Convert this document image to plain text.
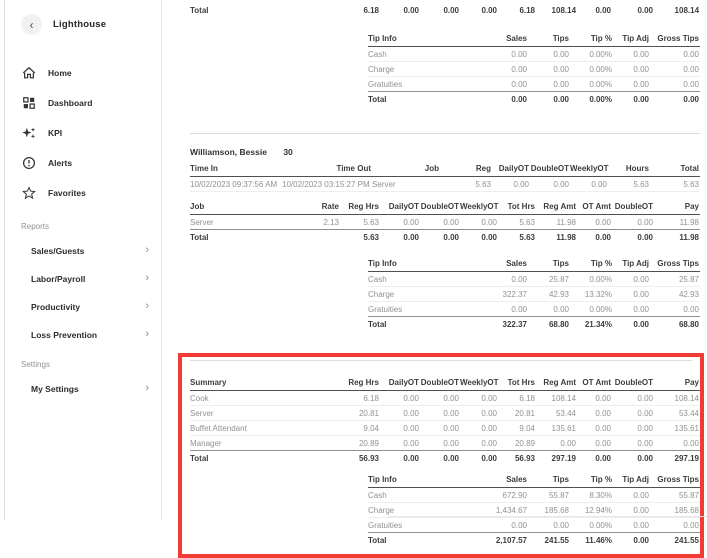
‹ Lighthouse
Home
Dashboard
KPI
Alerts
Favorites
Reports
Sales/Guests	›
Labor/Payroll	›
Productivity	›
Loss Prevention	›
Settings
My Settings	›
Total	6.18	0.00	0.00	0.00	6.18	108.14	0.00	0.00	108.14
Tip Info	Sales	Tips	Tip %	Tip Adj	Gross Tips
Cash	0.00	0.00	0.00%	0.00	0.00
Charge	0.00	0.00	0.00%	0.00	0.00
Gratuities	0.00	0.00	0.00%	0.00	0.00
Total	0.00	0.00	0.00%	0.00	0.00
Williamson, Bessie 30
Time In	Time Out	Job	Reg	DailyOT	DoubleOT	WeeklyOT	Hours	Total
10/02/2023 09:37:56 AM	10/02/2023 03:15:27 PM	Server	5.63	0.00	0.00	0.00	5.63	5.63
Job	Rate	Reg Hrs	DailyOT	DoubleOT	WeeklyOT	Tot Hrs	Reg Amt	OT Amt	DoubleOT	Pay
Server	2.13	5.63	0.00	0.00	0.00	5.63	11.98	0.00	0.00	11.98
Total		5.63	0.00	0.00	0.00	5.63	11.98	0.00	0.00	11.98
Tip Info	Sales	Tips	Tip %	Tip Adj	Gross Tips
Cash	0.00	25.87	0.00%	0.00	25.87
Charge	322.37	42.93	13.32%	0.00	42.93
Gratuities	0.00	0.00	0.00%	0.00	0.00
Total	322.37	68.80	21.34%	0.00	68.80
Summary	Reg Hrs	DailyOT	DoubleOT	WeeklyOT	Tot Hrs	Reg Amt	OT Amt	DoubleOT	Pay
Cook	6.18	0.00	0.00	0.00	6.18	108.14	0.00	0.00	108.14
Server	20.81	0.00	0.00	0.00	20.81	53.44	0.00	0.00	53.44
Buffet Attendant	9.04	0.00	0.00	0.00	9.04	135.61	0.00	0.00	135.61
Manager	20.89	0.00	0.00	0.00	20.89	0.00	0.00	0.00	0.00
Total	56.93	0.00	0.00	0.00	56.93	297.19	0.00	0.00	297.19
Tip Info	Sales	Tips	Tip %	Tip Adj	Gross Tips
Cash	672.90	55.87	8.30%	0.00	55.87
Charge	1,434.67	185.68	12.94%	0.00	185.68
Gratuities	0.00	0.00	0.00%	0.00	0.00
Total	2,107.57	241.55	11.46%	0.00	241.55
